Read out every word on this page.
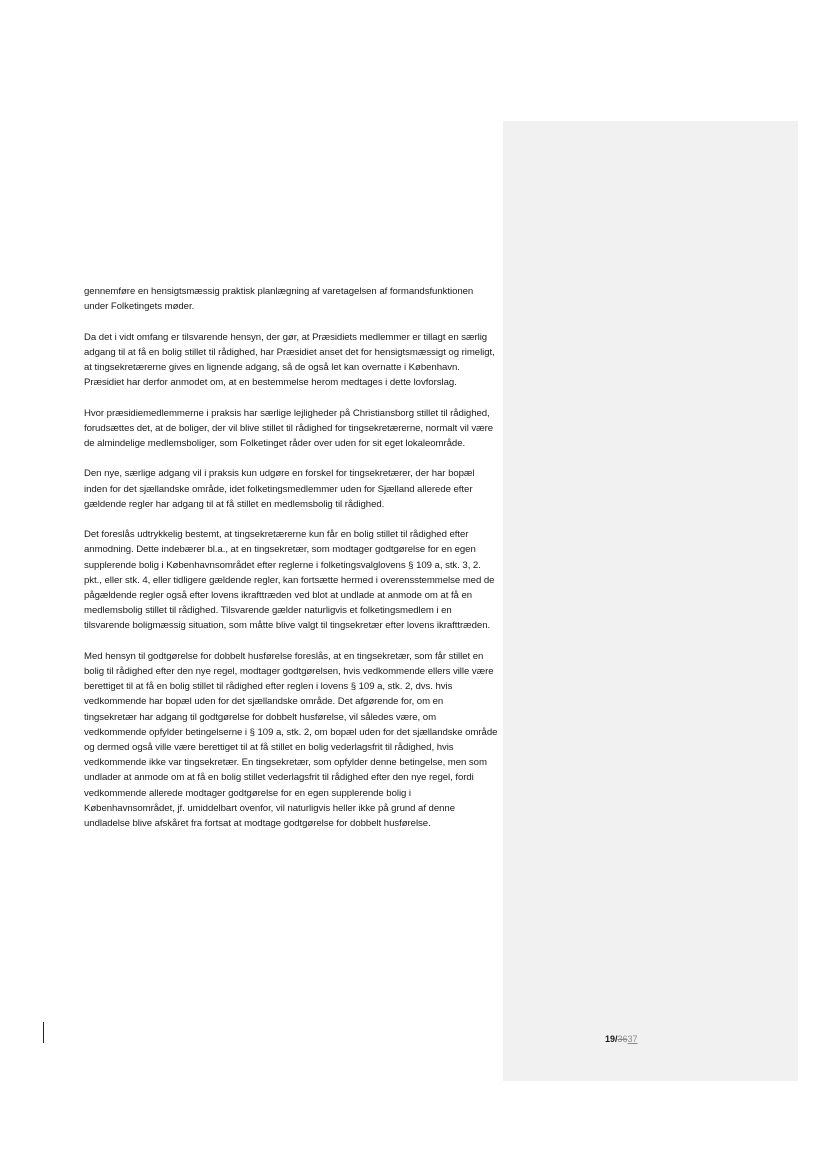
gennemføre en hensigtsmæssig praktisk planlægning af varetagelsen af formandsfunktionen under Folketingets møder.

Da det i vidt omfang er tilsvarende hensyn, der gør, at Præsidiets medlemmer er tillagt en særlig adgang til at få en bolig stillet til rådighed, har Præsidiet anset det for hensigtsmæssigt og rimeligt, at tingsekretærerne gives en lignende adgang, så de også let kan overnatte i København. Præsidiet har derfor anmodet om, at en bestemmelse herom medtages i dette lovforslag.

Hvor præsidiemedlemmerne i praksis har særlige lejligheder på Christiansborg stillet til rådighed, forudsættes det, at de boliger, der vil blive stillet til rådighed for tingsekretærerne, normalt vil være de almindelige medlemsboliger, som Folketinget råder over uden for sit eget lokaleområde.

Den nye, særlige adgang vil i praksis kun udgøre en forskel for tingsekretærer, der har bopæl inden for det sjællandske område, idet folketingsmedlemmer uden for Sjælland allerede efter gældende regler har adgang til at få stillet en medlemsbolig til rådighed.

Det foreslås udtrykkelig bestemt, at tingsekretærerne kun får en bolig stillet til rådighed efter anmodning. Dette indebærer bl.a., at en tingsekretær, som modtager godtgørelse for en egen supplerende bolig i Københavnsområdet efter reglerne i folketingsvalglovens § 109 a, stk. 3, 2. pkt., eller stk. 4, eller tidligere gældende regler, kan fortsætte hermed i overensstemmelse med de pågældende regler også efter lovens ikrafttræden ved blot at undlade at anmode om at få en medlemsbolig stillet til rådighed. Tilsvarende gælder naturligvis et folketingsmedlem i en tilsvarende boligmæssig situation, som måtte blive valgt til tingsekretær efter lovens ikrafttræden.

Med hensyn til godtgørelse for dobbelt husførelse foreslås, at en tingsekretær, som får stillet en bolig til rådighed efter den nye regel, modtager godtgørelsen, hvis vedkommende ellers ville være berettiget til at få en bolig stillet til rådighed efter reglen i lovens § 109 a, stk. 2, dvs. hvis vedkommende har bopæl uden for det sjællandske område. Det afgørende for, om en tingsekretær har adgang til godtgørelse for dobbelt husførelse, vil således være, om vedkommende opfylder betingelserne i § 109 a, stk. 2, om bopæl uden for det sjællandske område og dermed også ville være berettiget til at få stillet en bolig vederlagsfrit til rådighed, hvis vedkommende ikke var tingsekretær. En tingsekretær, som opfylder denne betingelse, men som undlader at anmode om at få en bolig stillet vederlagsfrit til rådighed efter den nye regel, fordi vedkommende allerede modtager godtgørelse for en egen supplerende bolig i Københavnsområdet, jf. umiddelbart ovenfor, vil naturligvis heller ikke på grund af denne undladelse blive afskåret fra fortsat at modtage godtgørelse for dobbelt husførelse.

19/3637
